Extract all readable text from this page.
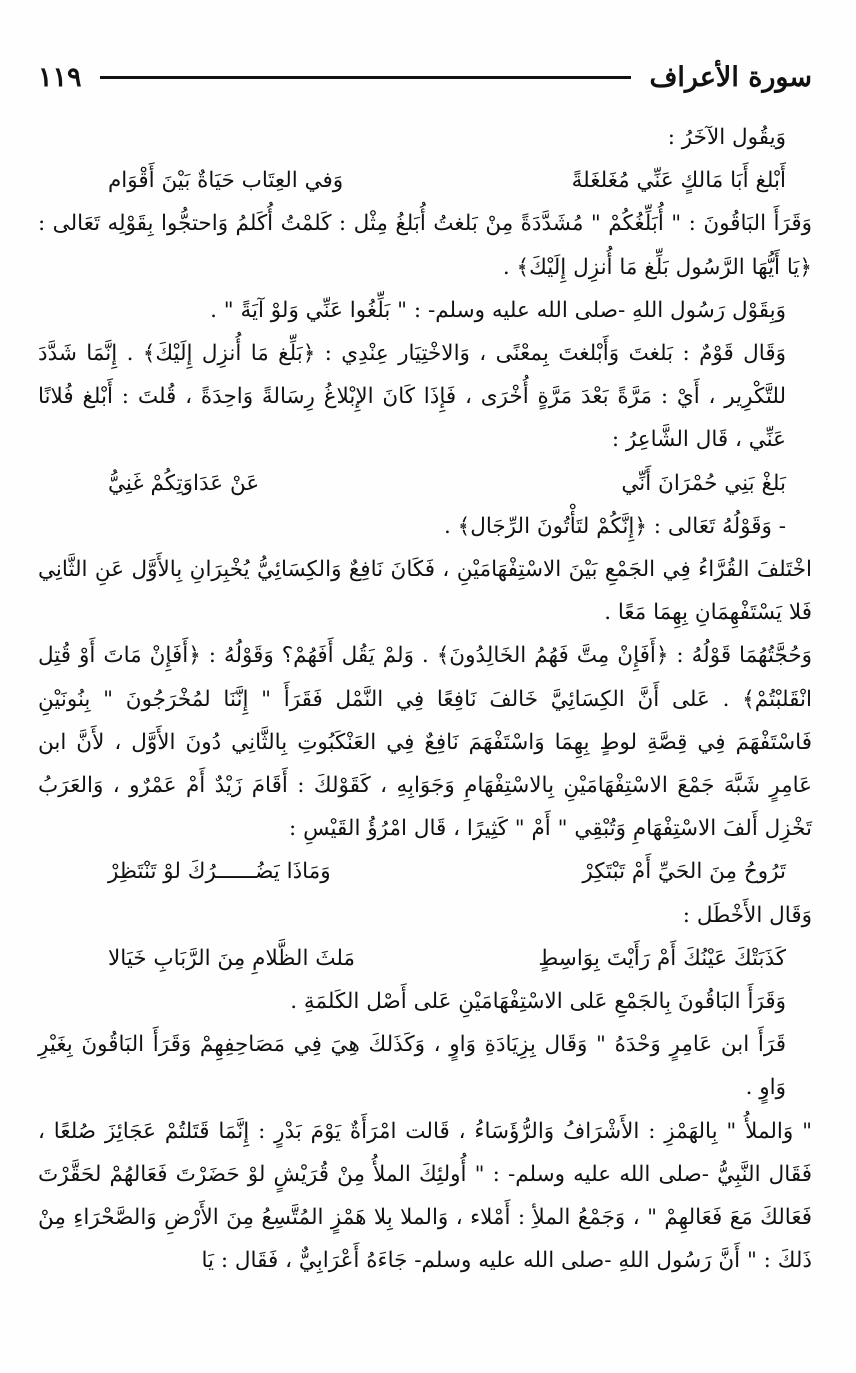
سورة الأعراف
١١٩

وَيقُول الآخَرُ :

أَبْلغ أَبَا مَالكٍ عَنِّي مُغَلغَلةً
وَفي العِتَاب حَيَاةٌ بَيْنَ أَقْوَام

وَقَرَأَ البَاقُونَ : " أُبَلِّغُكُمْ " مُشَدَّدَةً مِنْ بَلغتُ أُبَلغُ مِثْل : كَلمْتُ أُكَلمُ وَاحتجُّوا بِقَوْلِه تَعَالى : ﴿يَا أَيُّهَا الرَّسُول بَلِّغ مَا أُنزِل إِلَيْكَ﴾ .

وَبِقَوْل رَسُول اللهِ -صلى الله عليه وسلم- : " بَلِّغُوا عَنِّي وَلوْ آيَةً " .

وَقَال قَوْمٌ : بَلغتَ وَأَبْلغتَ بِمعْنًى ، وَالاخْتِيَار عِنْدِي : ﴿بَلِّغ مَا أُنزِل إِلَيْكَ﴾ . إِنَّمَا شَدَّدَ للتَّكْرِير ، أَيْ : مَرَّةً بَعْدَ مَرَّةٍ أُخْرَى ، فَإِذَا كَانَ الإِبْلاغُ رِسَالةً وَاحِدَةً ، قُلتَ : أَبْلغ فُلانًا عَنِّي ، قَال الشَّاعِرُ :

بَلغْ بَنِي حُمْرَانَ أَنِّي
عَنْ عَدَاوَتِكُمْ غَنِيُّ

- وَقَوْلُهُ تَعَالى : ﴿إِنَّكُمْ لتَأْتُونَ الرِّجَال﴾ .

اخْتَلفَ القُرَّاءُ فِي الجَمْعِ بَيْنَ الاسْتِفْهَامَيْنِ ، فَكَانَ نَافِعٌ وَالكِسَائِيُّ يُخْبِرَانِ بِالأَوَّل عَنِ الثَّانِي فَلا يَسْتَفْهِمَانِ بِهِمَا مَعًا .

وَحُجَّتُهُمَا قَوْلُهُ : ﴿أَفَإِنْ مِتَّ فَهُمُ الخَالِدُونَ﴾ . وَلمْ يَقُل أَفَهُمْ؟ وَقَوْلُهُ : ﴿أَفَإِنْ مَاتَ أَوْ قُتِل انْقَلبْتُمْ﴾ . عَلى أَنَّ الكِسَائِيَّ خَالفَ نَافِعًا فِي النَّمْل فَقَرَأَ " إِنَّنَا لمُخْرَجُونَ " بِنُونَيْنِ فَاسْتَفْهَمَ فِي قِصَّةِ لوطٍ بِهِمَا وَاسْتَفْهَمَ نَافِعٌ فِي العَنْكَبُوتِ بِالثَّانِي دُونَ الأَوَّل ، لأَنَّ ابن عَامِرٍ شَبَّهَ جَمْعَ الاسْتِفْهَامَيْنِ بِالاسْتِفْهَامِ وَجَوَابِهِ ، كَقَوْلكَ : أَقَامَ زَيْدٌ أَمْ عَمْرٌو ، وَالعَرَبُ تَخْزِل أَلفَ الاسْتِفْهَامِ وَتُبْقِي " أَمْ " كَثِيرًا ، قَال امْرُؤُ القَيْسِ :

تَرُوحُ مِنَ الحَيِّ أَمْ تَبْتَكِرْ
وَمَاذَا يَضُــــــرُكَ لوْ تَنْتَظِرْ

وَقَال الأَخْطَل :

كَذَبَتْكَ عَيْنُكَ أَمْ رَأَيْتَ بِوَاسِطٍ
مَلثَ الظَّلامِ مِنَ الرَّبَابِ خَيَالا

وَقَرَأَ البَاقُونَ بِالجَمْعِ عَلى الاسْتِفْهَامَيْنِ عَلى أَصْل الكَلمَةِ .

قَرَأَ ابن عَامِرٍ وَحْدَهُ " وَقَال بِزِيَادَةِ وَاوٍ ، وَكَذَلكَ هِيَ فِي مَصَاحِفِهِمْ وَقَرَأَ البَاقُونَ بِغَيْرِ وَاوٍ .

" وَالملأُ " بِالهَمْزِ : الأَشْرَافُ وَالرُّؤَسَاءُ ، قَالت امْرَأَةٌ يَوْمَ بَدْرٍ : إِنَّمَا قَتَلتُمْ عَجَائِزَ صُلعًا ، فَقَال النَّبِيُّ -صلى الله عليه وسلم- : " أُولئِكَ الملأُ مِنْ قُرَيْشٍ لوْ حَضَرْتَ فَعَالهُمْ لحَقَّرْتَ فَعَالكَ مَعَ فَعَالهِمْ " ، وَجَمْعُ الملأِ : أَمْلاء ، وَالملا بِلا هَمْزٍ المُتَّسِعُ مِنَ الأَرْضِ وَالصَّحْرَاءِ مِنْ ذَلكَ : " أَنَّ رَسُول اللهِ -صلى الله عليه وسلم- جَاءَهُ أَعْرَابِيٌّ ، فَقَال : يَا
